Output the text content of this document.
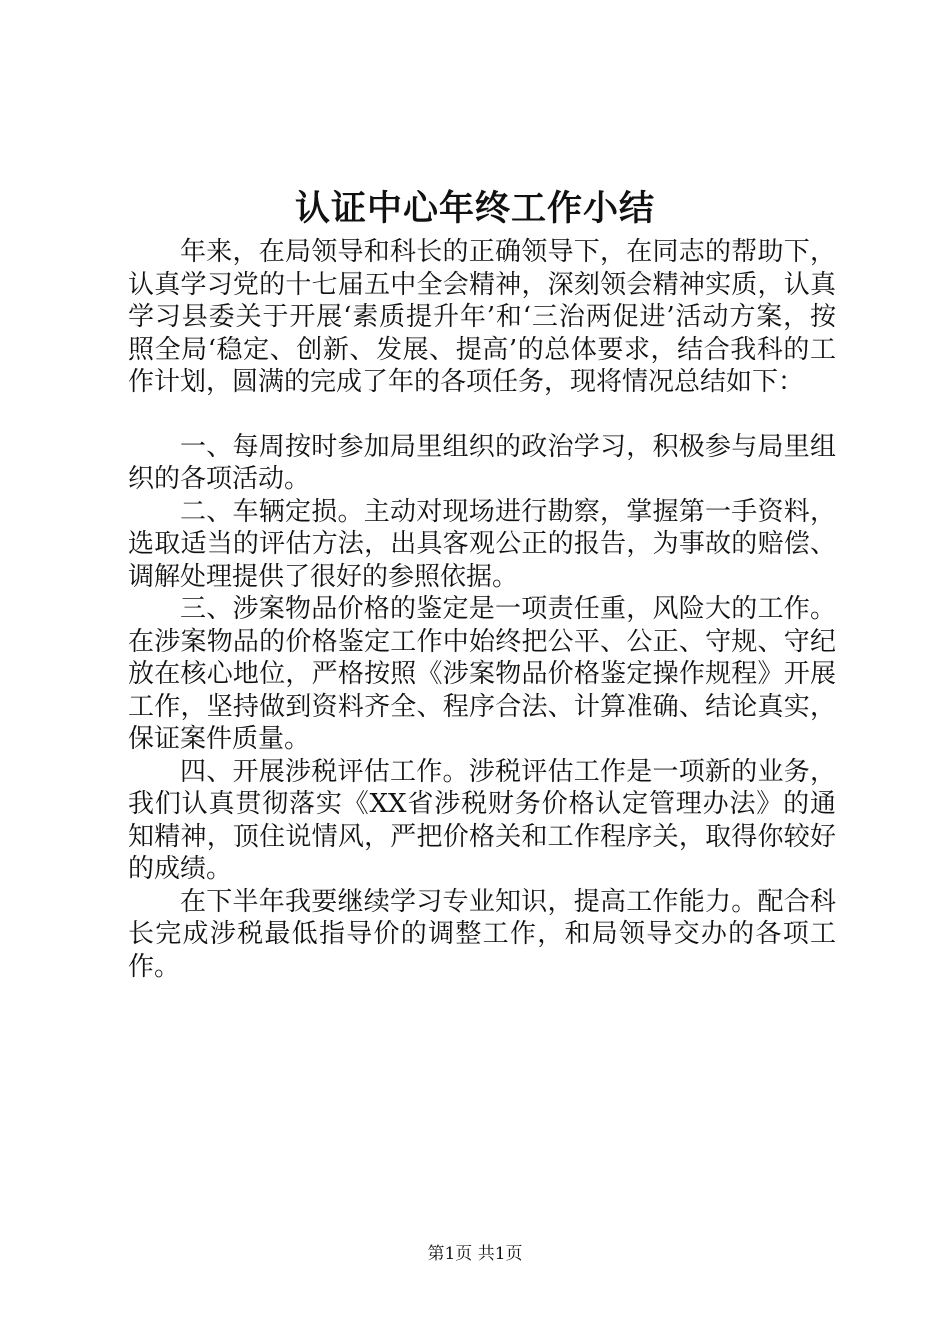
认证中心年终工作小结

年来，在局领导和科长的正确领导下，在同志的帮助下，认真学习党的十七届五中全会精神，深刻领会精神实质，认真学习县委关于开展‘素质提升年’和‘三治两促进’活动方案，按照全局‘稳定、创新、发展、提高’的总体要求，结合我科的工作计划，圆满的完成了年的各项任务，现将情况总结如下：

一、每周按时参加局里组织的政治学习，积极参与局里组织的各项活动。

二、车辆定损。主动对现场进行勘察，掌握第一手资料，选取适当的评估方法，出具客观公正的报告，为事故的赔偿、调解处理提供了很好的参照依据。

三、涉案物品价格的鉴定是一项责任重，风险大的工作。在涉案物品的价格鉴定工作中始终把公平、公正、守规、守纪放在核心地位，严格按照《涉案物品价格鉴定操作规程》开展工作，坚持做到资料齐全、程序合法、计算准确、结论真实，保证案件质量。

四、开展涉税评估工作。涉税评估工作是一项新的业务，我们认真贯彻落实《XX省涉税财务价格认定管理办法》的通知精神，顶住说情风，严把价格关和工作程序关，取得你较好的成绩。

在下半年我要继续学习专业知识，提高工作能力。配合科长完成涉税最低指导价的调整工作，和局领导交办的各项工作。

第1页 共1页
